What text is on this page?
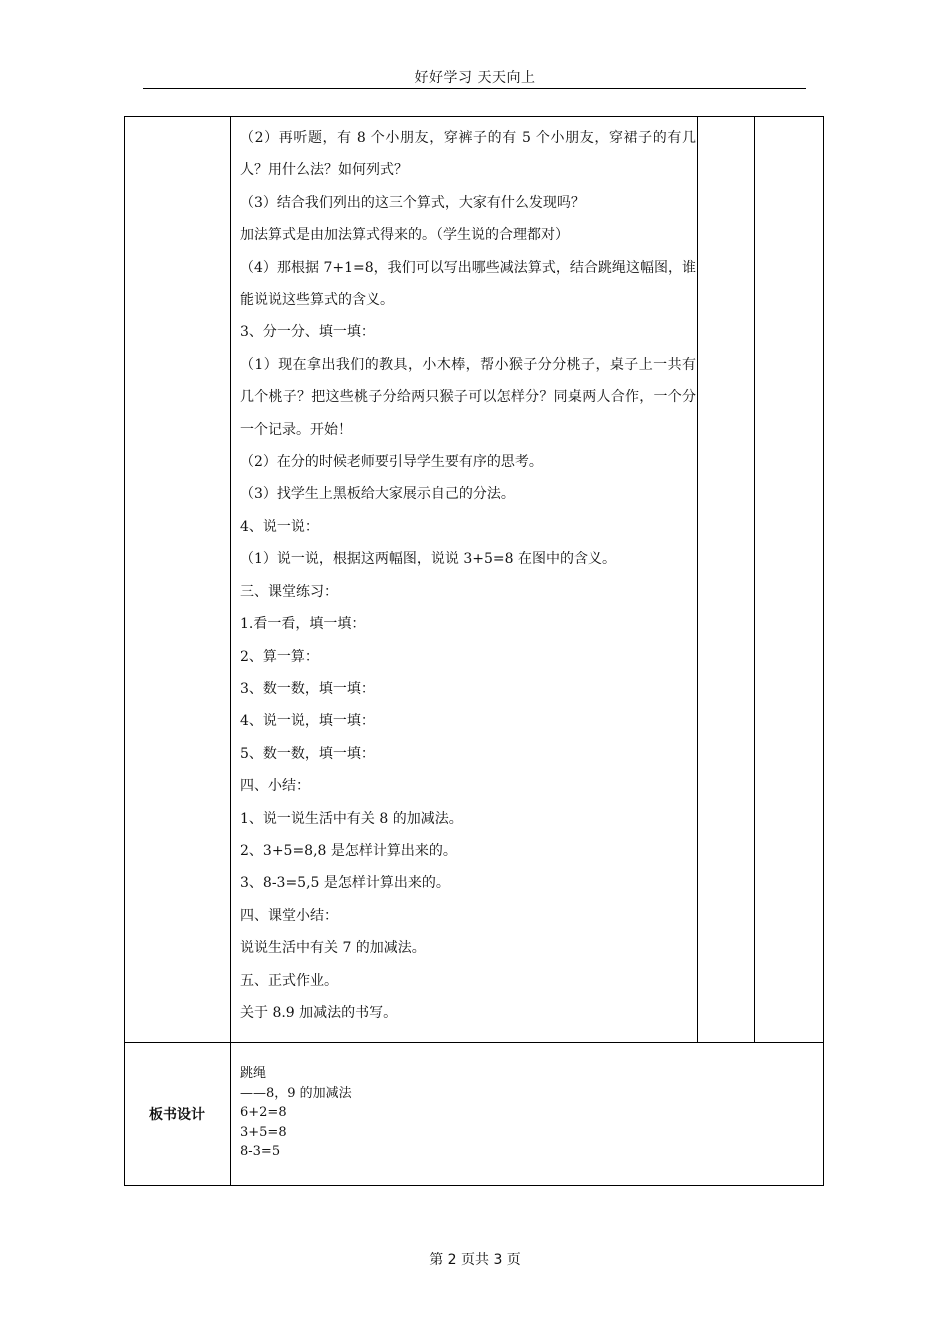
好好学习 天天向上
（2）再听题，有 8 个小朋友，穿裤子的有 5 个小朋友，穿裙子的有几人？用什么法？如何列式？
（3）结合我们列出的这三个算式，大家有什么发现吗？
加法算式是由加法算式得来的。（学生说的合理都对）
（4）那根据 7+1=8，我们可以写出哪些减法算式，结合跳绳这幅图，谁能说说这些算式的含义。
3、分一分、填一填：
（1）现在拿出我们的教具，小木棒，帮小猴子分分桃子，桌子上一共有几个桃子？把这些桃子分给两只猴子可以怎样分？同桌两人合作，一个分一个记录。开始！
（2）在分的时候老师要引导学生要有序的思考。
（3）找学生上黑板给大家展示自己的分法。
4、说一说：
（1）说一说，根据这两幅图，说说 3+5=8 在图中的含义。
三、课堂练习：
1.看一看，填一填：
2、算一算：
3、数一数，填一填：
4、说一说，填一填：
5、数一数，填一填：
四、小结：
1、说一说生活中有关 8 的加减法。
2、3+5=8,8 是怎样计算出来的。
3、8-3=5,5 是怎样计算出来的。
四、课堂小结：
说说生活中有关 7 的加减法。
五、正式作业。
关于 8.9 加减法的书写。
板书设计
跳绳
——8，9 的加减法
6+2=8
3+5=8
8-3=5
第 2 页共 3 页
